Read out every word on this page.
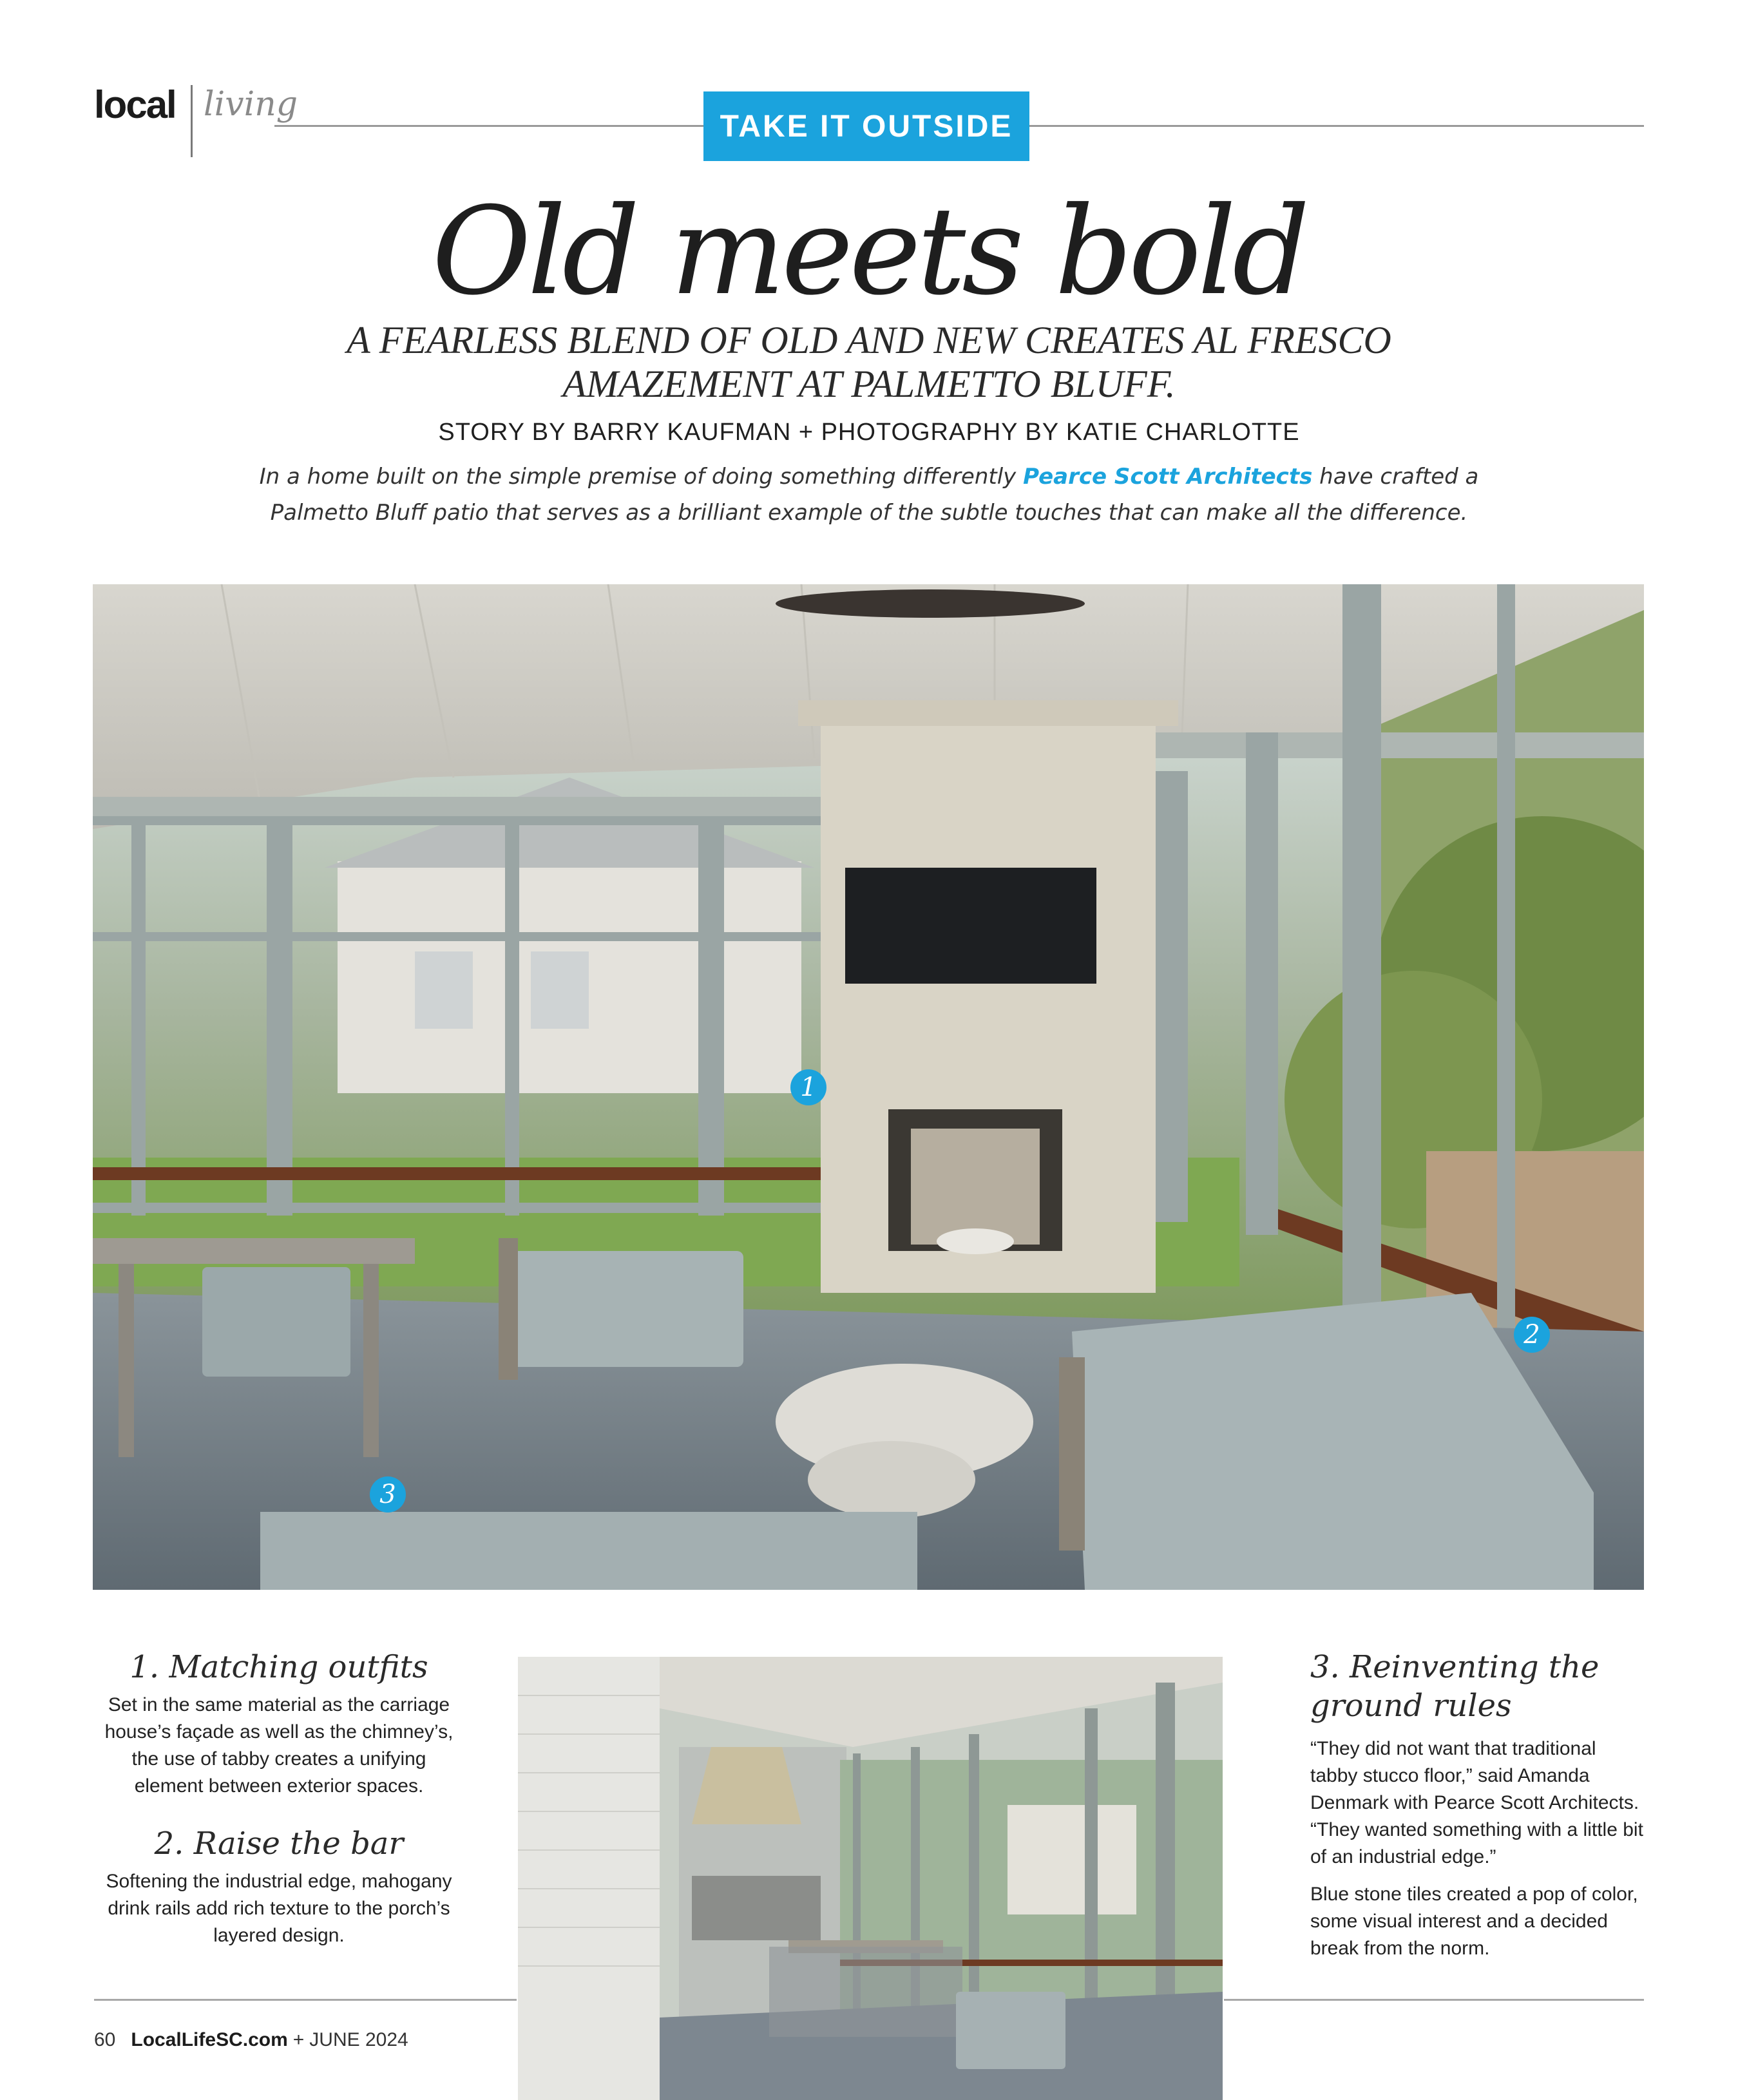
local living
TAKE IT OUTSIDE
Old meets bold
A FEARLESS BLEND OF OLD AND NEW CREATES AL FRESCO
AMAZEMENT AT PALMETTO BLUFF.
STORY BY BARRY KAUFMAN + PHOTOGRAPHY BY KATIE CHARLOTTE
In a home built on the simple premise of doing something differently Pearce Scott Architects have crafted a Palmetto Bluff patio that serves as a brilliant example of the subtle touches that can make all the difference.
1
2
3
1. Matching outfits

Set in the same material as the carriage house’s façade as well as the chimney’s, the use of tabby creates a unifying element between exterior spaces.

2. Raise the bar

Softening the industrial edge, mahogany drink rails add rich texture to the porch’s layered design.

3. Reinventing the ground rules

“They did not want that traditional tabby stucco floor,” said Amanda Denmark with Pearce Scott Architects. “They wanted something with a little bit of an industrial edge.”

Blue stone tiles created a pop of color, some visual interest and a decided break from the norm.

60 LocalLifeSC.com + JUNE 2024
